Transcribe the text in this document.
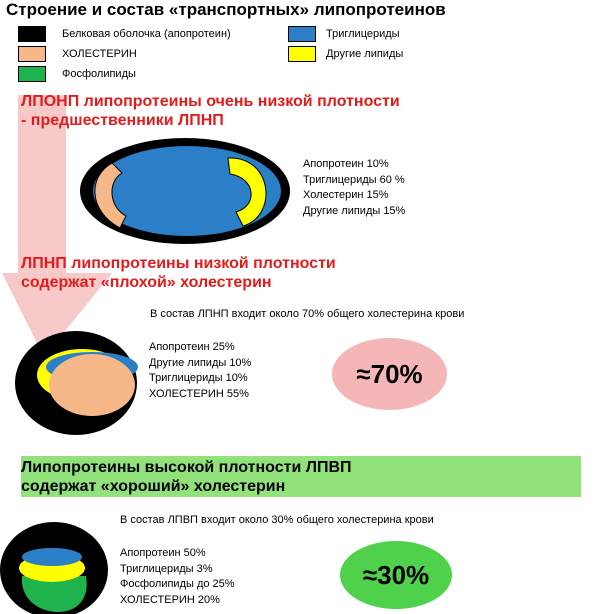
Строение и состав «транспортных» липопротеинов
Белковая оболочка (апопротеин)	Триглицериды
ХОЛЕСТЕРИН	Другие липиды
Фосфолипиды
ЛПОНП липопротеины очень низкой плотности
- предшественники ЛПНП
Апопротеин 10%
Триглицериды 60 %
Холестерин 15%
Другие липиды 15%
ЛПНП липопротеины низкой плотности
содержат «плохой» холестерин
В состав ЛПНП входит около 70% общего холестерина крови
Апопротеин 25%
Другие липиды 10%
Триглицериды 10%
ХОЛЕСТЕРИН 55%
≈70%
Липопротеины высокой плотности ЛПВП
содержат «хороший» холестерин
В состав ЛПВП входит около 30% общего холестерина крови
Апопротеин 50%
Триглицериды 3%
Фосфолипиды до 25%
ХОЛЕСТЕРИН 20%
≈30%
